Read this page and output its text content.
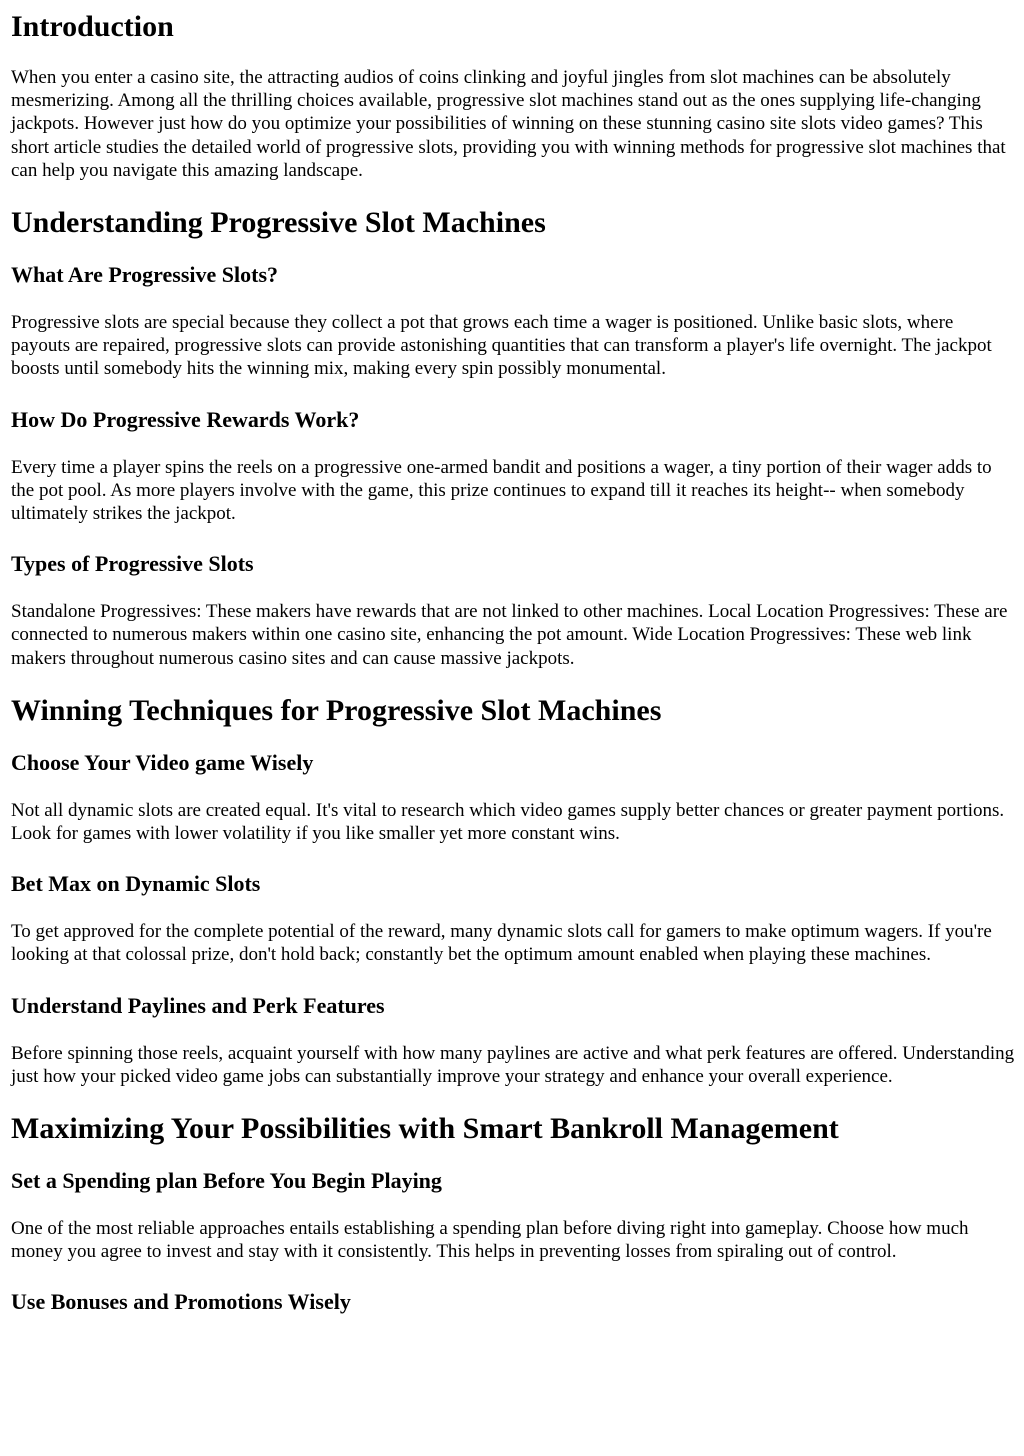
Introduction

When you enter a casino site, the attracting audios of coins clinking and joyful jingles from slot machines can be absolutely mesmerizing. Among all the thrilling choices available, progressive slot machines stand out as the ones supplying life-changing jackpots. However just how do you optimize your possibilities of winning on these stunning casino site slots video games? This short article studies the detailed world of progressive slots, providing you with winning methods for progressive slot machines that can help you navigate this amazing landscape.

Understanding Progressive Slot Machines
What Are Progressive Slots?

Progressive slots are special because they collect a pot that grows each time a wager is positioned. Unlike basic slots, where payouts are repaired, progressive slots can provide astonishing quantities that can transform a player's life overnight. The jackpot boosts until somebody hits the winning mix, making every spin possibly monumental.

How Do Progressive Rewards Work?

Every time a player spins the reels on a progressive one-armed bandit and positions a wager, a tiny portion of their wager adds to the pot pool. As more players involve with the game, this prize continues to expand till it reaches its height-- when somebody ultimately strikes the jackpot.

Types of Progressive Slots

Standalone Progressives: These makers have rewards that are not linked to other machines. Local Location Progressives: These are connected to numerous makers within one casino site, enhancing the pot amount. Wide Location Progressives: These web link makers throughout numerous casino sites and can cause massive jackpots.

Winning Techniques for Progressive Slot Machines
Choose Your Video game Wisely

Not all dynamic slots are created equal. It's vital to research which video games supply better chances or greater payment portions. Look for games with lower volatility if you like smaller yet more constant wins.

Bet Max on Dynamic Slots

To get approved for the complete potential of the reward, many dynamic slots call for gamers to make optimum wagers. If you're looking at that colossal prize, don't hold back; constantly bet the optimum amount enabled when playing these machines.

Understand Paylines and Perk Features

Before spinning those reels, acquaint yourself with how many paylines are active and what perk features are offered. Understanding just how your picked video game jobs can substantially improve your strategy and enhance your overall experience.

Maximizing Your Possibilities with Smart Bankroll Management
Set a Spending plan Before You Begin Playing

One of the most reliable approaches entails establishing a spending plan before diving right into gameplay. Choose how much money you agree to invest and stay with it consistently. This helps in preventing losses from spiraling out of control.

Use Bonuses and Promotions Wisely
